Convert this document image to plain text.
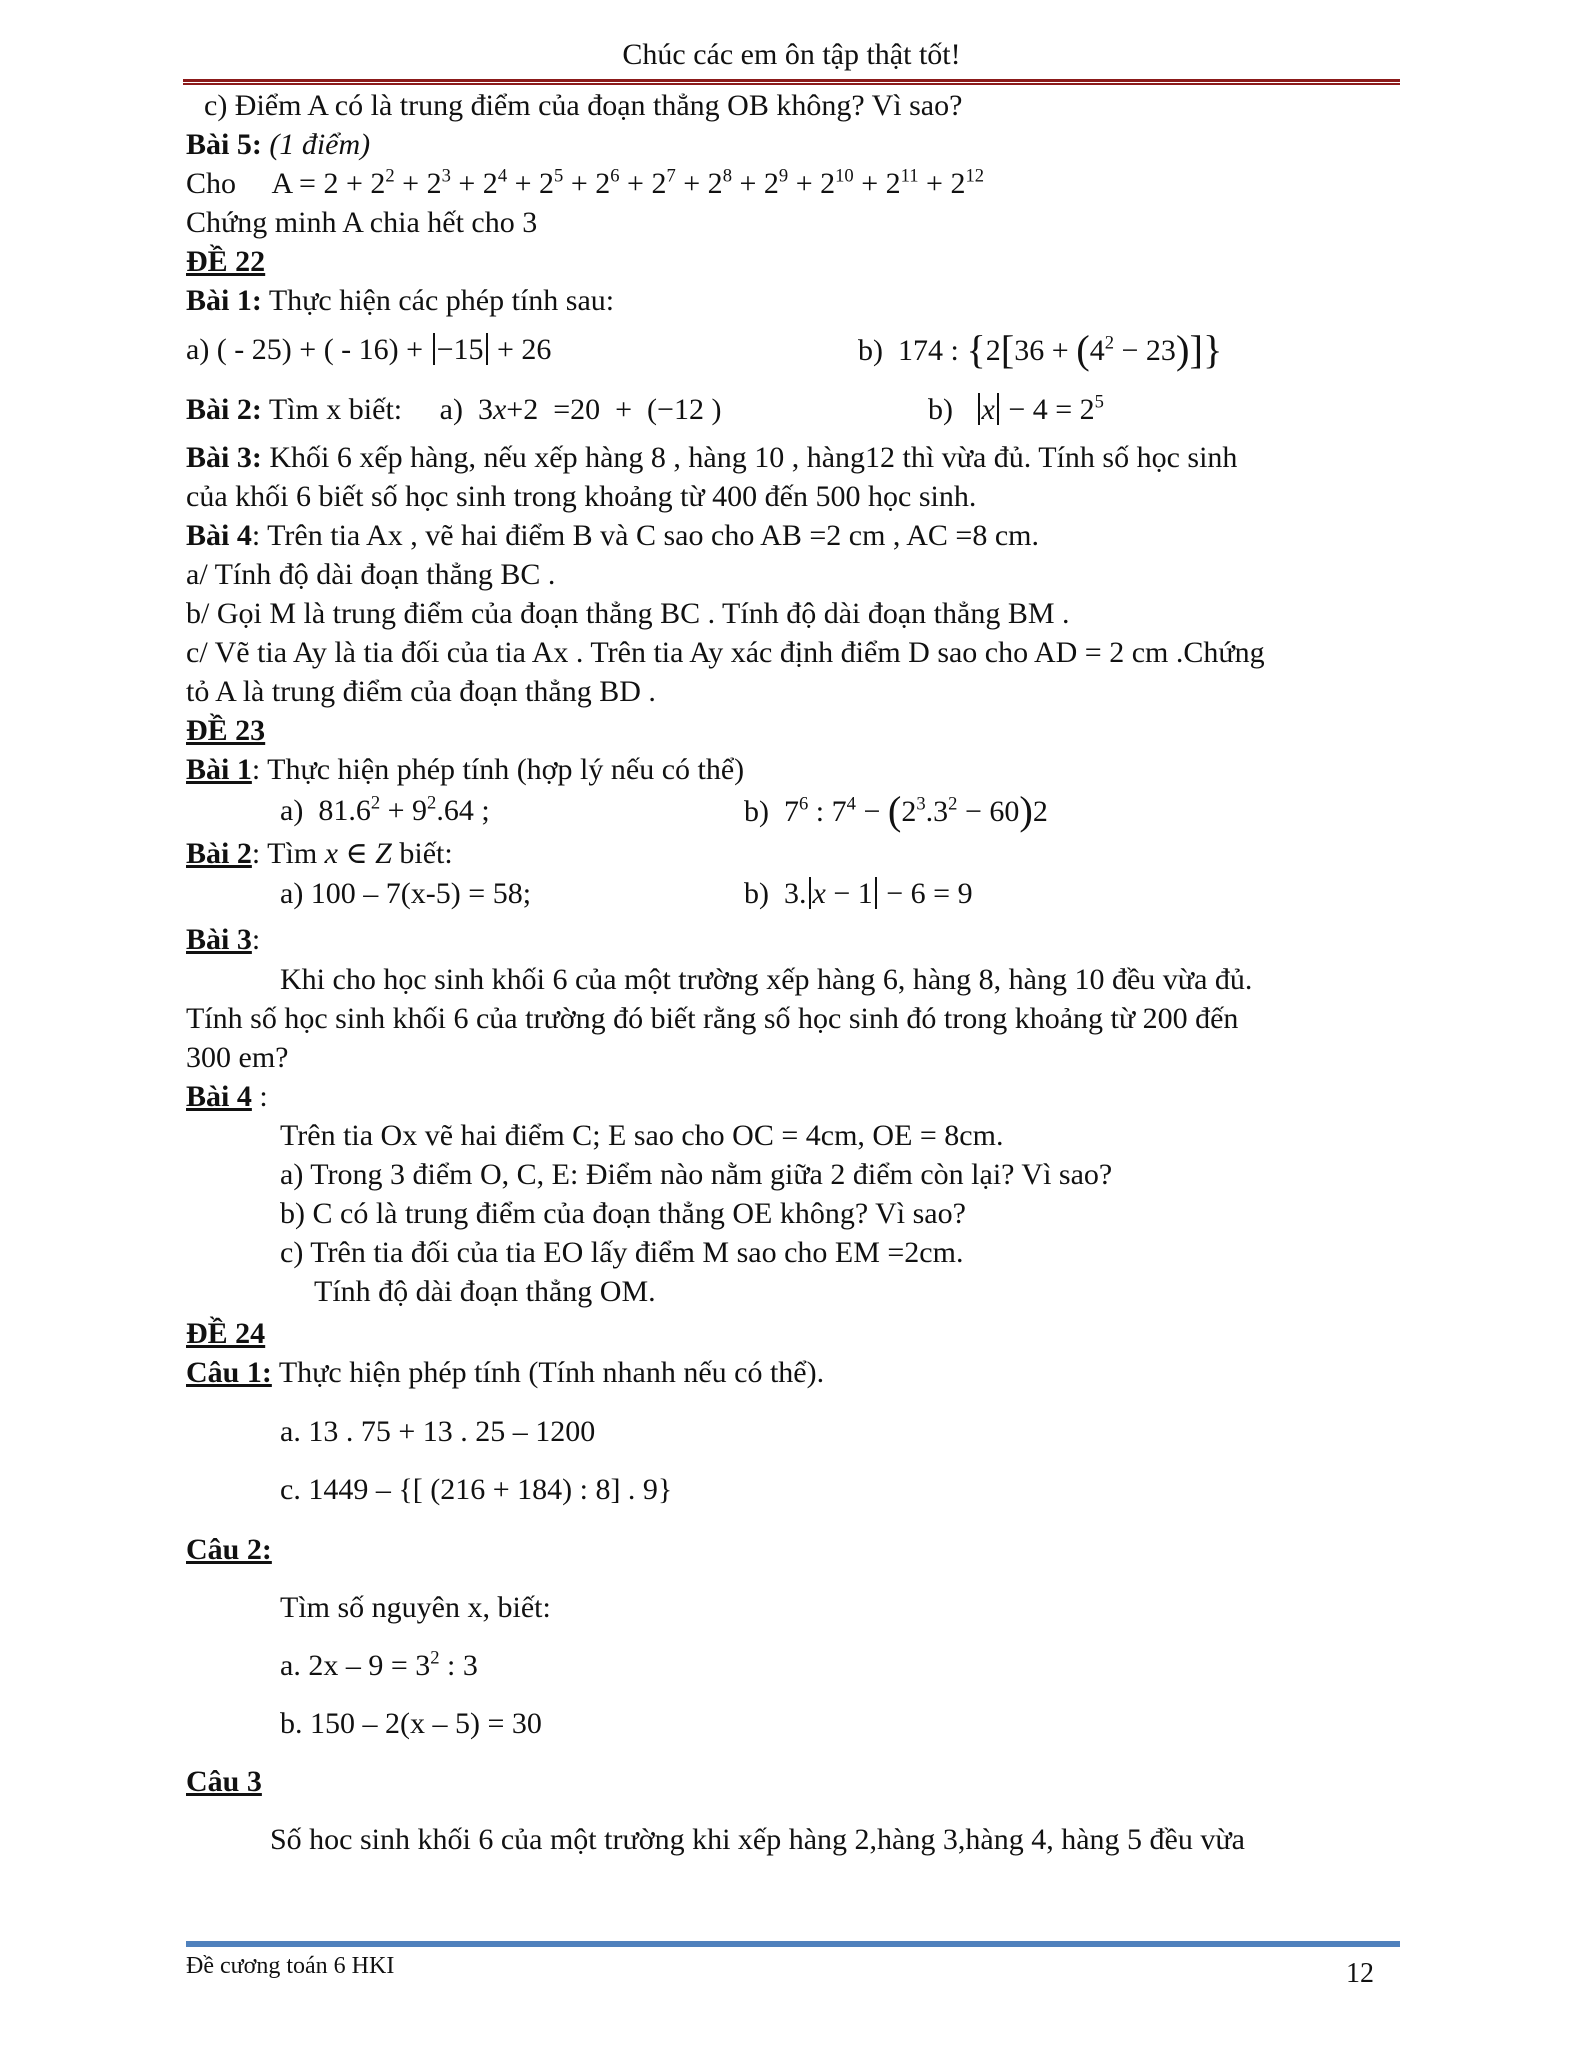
Chúc các em ôn tập thật tốt!
c) Điểm A có là trung điểm của đoạn thẳng OB không? Vì sao?
Bài 5: (1 điểm)
Cho $A = 2 + 2^2 + 2^3 + 2^4 + 2^5 + 2^6 + 2^7 + 2^8 + 2^9 + 2^{10} + 2^{11} + 2^{12}$
Chứng minh A chia hết cho 3
ĐỀ 22
Bài 1: Thực hiện các phép tính sau:
a) ( - 25) + ( - 16) + −15 + 26	b)  174 : $\{2[36 + (4^2 - 23)]\}$
Bài 2: Tìm x biết: a)  3x+2  =20  +  (−12 )	b) $x - 4 = 2^5$
Bài 3: Khối 6 xếp hàng, nếu xếp hàng 8 , hàng 10 , hàng12 thì vừa đủ. Tính số học sinh
của khối 6 biết số học sinh trong khoảng từ 400 đến 500 học sinh.
Bài 4: Trên tia Ax , vẽ hai điểm B và C sao cho AB =2 cm , AC =8 cm.
a/ Tính độ dài đoạn thẳng BC .
b/ Gọi M là trung điểm của đoạn thẳng BC . Tính độ dài đoạn thẳng BM .
c/ Vẽ tia Ay là tia đối của tia Ax . Trên tia Ay xác định điểm D sao cho AD = 2 cm .Chứng
tỏ A là trung điểm của đoạn thẳng BD .
ĐỀ 23
Bài 1: Thực hiện phép tính (hợp lý nếu có thể)
a)  $81.6^2 + 9^2.64$ ;	b)  $7^6$ : $7^4 - (2^3.3^2 - 60)2$
Bài 2: Tìm x ∈ Z biết:
a) 100 – 7(x-5) = 58;	b)  3. x − 1 − 6 = 9
Bài 3:
Khi cho học sinh khối 6 của một trường xếp hàng 6, hàng 8, hàng 10 đều vừa đủ.
Tính số học sinh khối 6 của trường đó biết rằng số học sinh đó trong khoảng từ 200 đến
300 em?
Bài 4 :
Trên tia Ox vẽ hai điểm C; E sao cho OC = 4cm, OE = 8cm.
a) Trong 3 điểm O, C, E: Điểm nào nằm giữa 2 điểm còn lại? Vì sao?
b) C có là trung điểm của đoạn thẳng OE không? Vì sao?
c) Trên tia đối của tia EO lấy điểm M sao cho EM =2cm.
Tính độ dài đoạn thẳng OM.
ĐỀ 24
Câu 1: Thực hiện phép tính (Tính nhanh nếu có thể).
a. 13 . 75 + 13 . 25 – 1200
c. 1449 – {[ (216 + 184) : 8] . 9}
Câu 2:
Tìm số nguyên x, biết:
a. $2x - 9 = 3^2$ : 3
b. 150 – 2(x – 5) = 30
Câu 3
Số hoc sinh khối 6 của một trường khi xếp hàng 2,hàng 3,hàng 4, hàng 5 đều vừa
Đề cương toán 6 HKI	12
